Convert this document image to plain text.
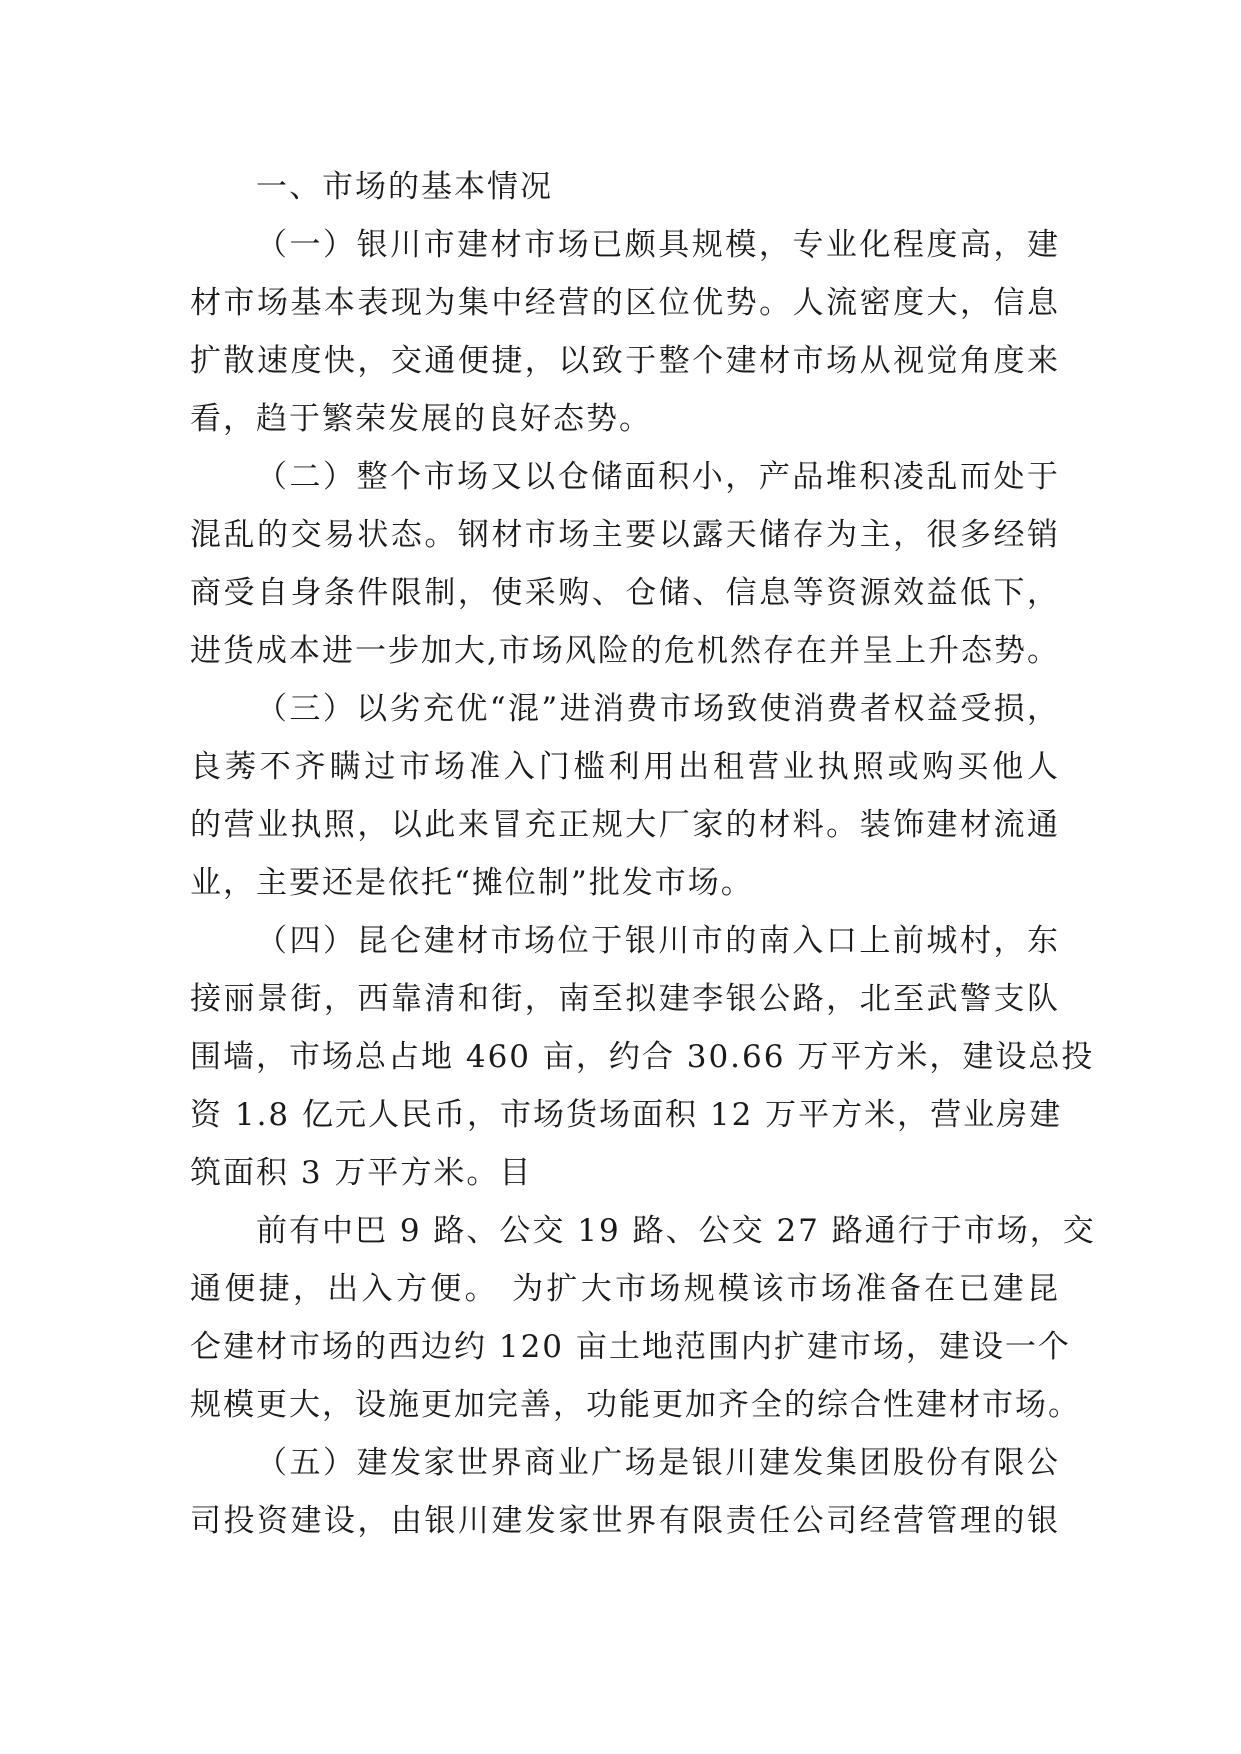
一、市场的基本情况
（一）银川市建材市场已颇具规模，专业化程度高，建
材市场基本表现为集中经营的区位优势。人流密度大，信息
扩散速度快，交通便捷，以致于整个建材市场从视觉角度来
看，趋于繁荣发展的良好态势。
（二）整个市场又以仓储面积小，产品堆积凌乱而处于
混乱的交易状态。钢材市场主要以露天储存为主，很多经销
商受自身条件限制，使采购、仓储、信息等资源效益低下，
进货成本进一步加大,市场风险的危机然存在并呈上升态势。
（三）以劣充优“混”进消费市场致使消费者权益受损，
良莠不齐瞒过市场准入门槛利用出租营业执照或购买他人
的营业执照，以此来冒充正规大厂家的材料。装饰建材流通
业，主要还是依托“摊位制”批发市场。
（四）昆仑建材市场位于银川市的南入口上前城村，东
接丽景街，西靠清和街，南至拟建李银公路，北至武警支队
围墙，市场总占地 460 亩，约合 30.66 万平方米，建设总投
资 1.8 亿元人民币，市场货场面积 12 万平方米，营业房建
筑面积 3 万平方米。目
前有中巴 9 路、公交 19 路、公交 27 路通行于市场，交
通便捷，出入方便。 为扩大市场规模该市场准备在已建昆
仑建材市场的西边约 120 亩土地范围内扩建市场，建设一个
规模更大，设施更加完善，功能更加齐全的综合性建材市场。
（五）建发家世界商业广场是银川建发集团股份有限公
司投资建设，由银川建发家世界有限责任公司经营管理的银
